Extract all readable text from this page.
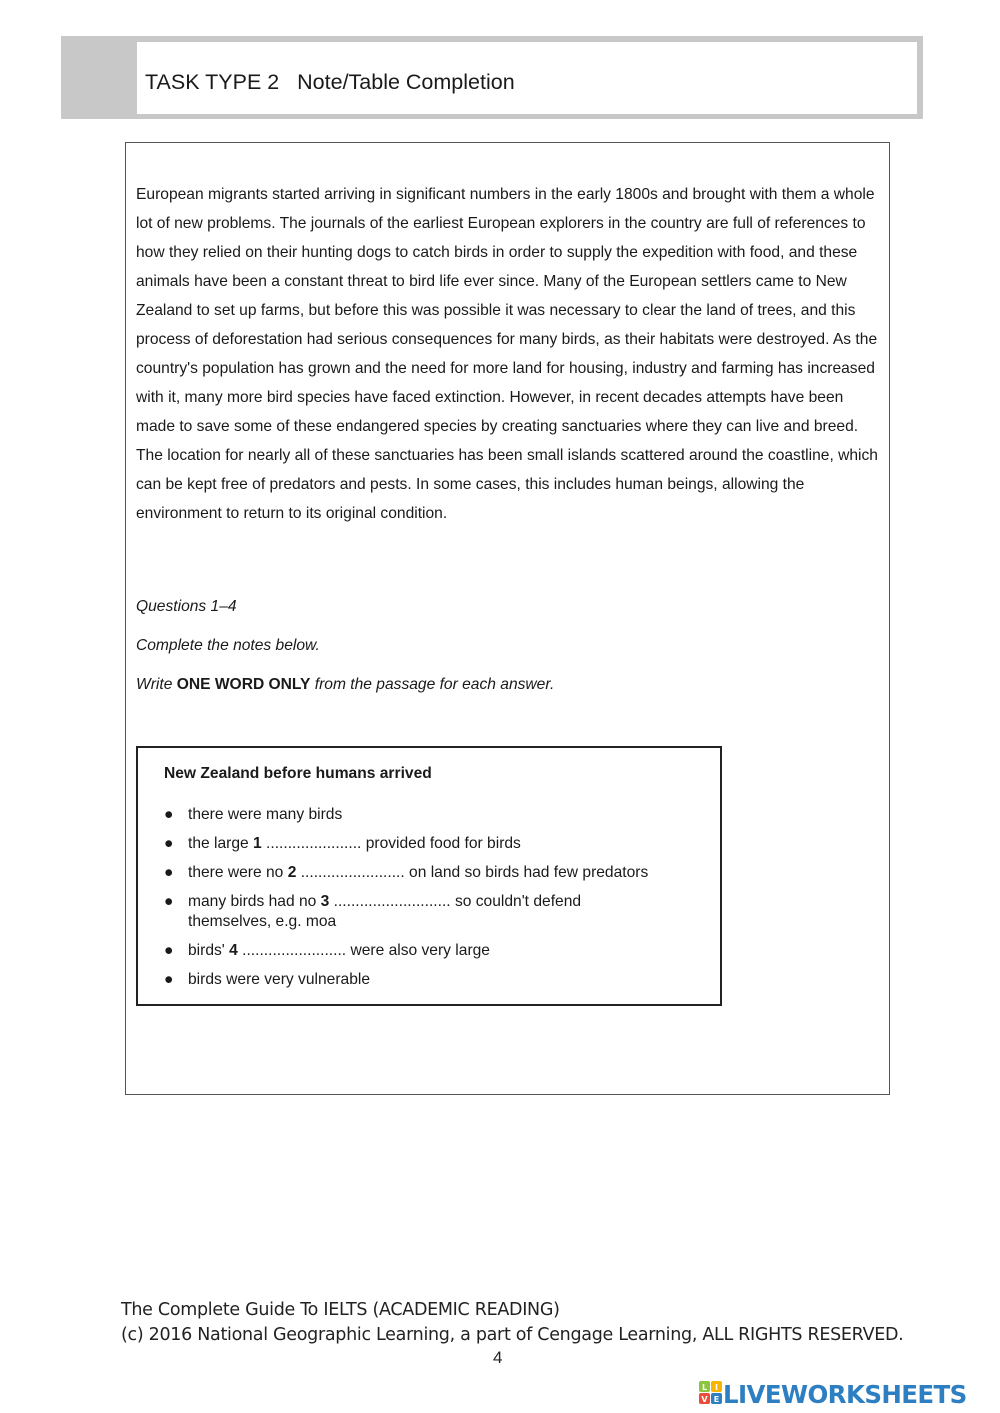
TASK TYPE 2   Note/Table Completion

European migrants started arriving in significant numbers in the early 1800s and brought with them a whole lot of new problems. The journals of the earliest European explorers in the country are full of references to how they relied on their hunting dogs to catch birds in order to supply the expedition with food, and these animals have been a constant threat to bird life ever since. Many of the European settlers came to New Zealand to set up farms, but before this was possible it was necessary to clear the land of trees, and this process of deforestation had serious consequences for many birds, as their habitats were destroyed. As the country's population has grown and the need for more land for housing, industry and farming has increased with it, many more bird species have faced extinction. However, in recent decades attempts have been made to save some of these endangered species by creating sanctuaries where they can live and breed. The location for nearly all of these sanctuaries has been small islands scattered around the coastline, which can be kept free of predators and pests. In some cases, this includes human beings, allowing the environment to return to its original condition.

Questions 1–4

Complete the notes below.

Write ONE WORD ONLY from the passage for each answer.

New Zealand before humans arrived
● there were many birds
● the large 1 ...................... provided food for birds
● there were no 2 ........................ on land so birds had few predators
● many birds had no 3 ........................... so couldn't defend
themselves, e.g. moa
● birds' 4 ........................ were also very large
● birds were very vulnerable

The Complete Guide To IELTS (ACADEMIC READING)

(c) 2016 National Geographic Learning, a part of Cengage Learning, ALL RIGHTS RESERVED.

4

L I
V E LIVEWORKSHEETS
